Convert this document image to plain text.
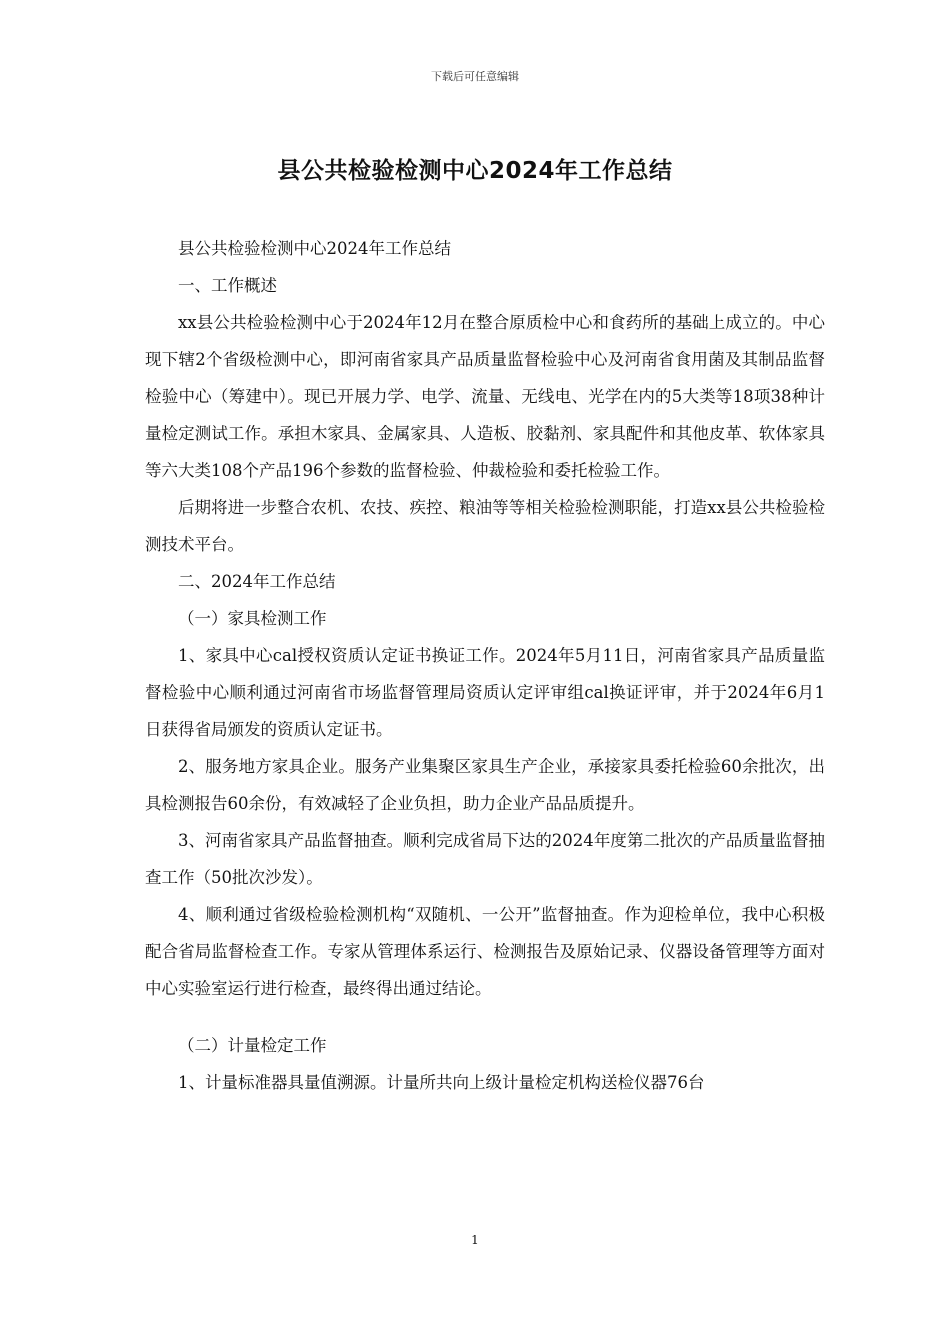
下载后可任意编辑
县公共检验检测中心2024年工作总结

县公共检验检测中心2024年工作总结

一、工作概述

xx县公共检验检测中心于2024年12月在整合原质检中心和食药所的基础上成立的。中心现下辖2个省级检测中心，即河南省家具产品质量监督检验中心及河南省食用菌及其制品监督检验中心（筹建中）。现已开展力学、电学、流量、无线电、光学在内的5大类等18项38种计量检定测试工作。承担木家具、金属家具、人造板、胶黏剂、家具配件和其他皮革、软体家具等六大类108个产品196个参数的监督检验、仲裁检验和委托检验工作。

后期将进一步整合农机、农技、疾控、粮油等等相关检验检测职能，打造xx县公共检验检测技术平台。

二、2024年工作总结

（一）家具检测工作

1、家具中心cal授权资质认定证书换证工作。2024年5月11日，河南省家具产品质量监督检验中心顺利通过河南省市场监督管理局资质认定评审组cal换证评审，并于2024年6月1日获得省局颁发的资质认定证书。

2、服务地方家具企业。服务产业集聚区家具生产企业，承接家具委托检验60余批次，出具检测报告60余份，有效减轻了企业负担，助力企业产品品质提升。

3、河南省家具产品监督抽查。顺利完成省局下达的2024年度第二批次的产品质量监督抽查工作（50批次沙发）。

4、顺利通过省级检验检测机构“双随机、一公开”监督抽查。作为迎检单位，我中心积极配合省局监督检查工作。专家从管理体系运行、检测报告及原始记录、仪器设备管理等方面对中心实验室运行进行检查，最终得出通过结论。

（二）计量检定工作

1、计量标准器具量值溯源。计量所共向上级计量检定机构送检仪器76台

1
